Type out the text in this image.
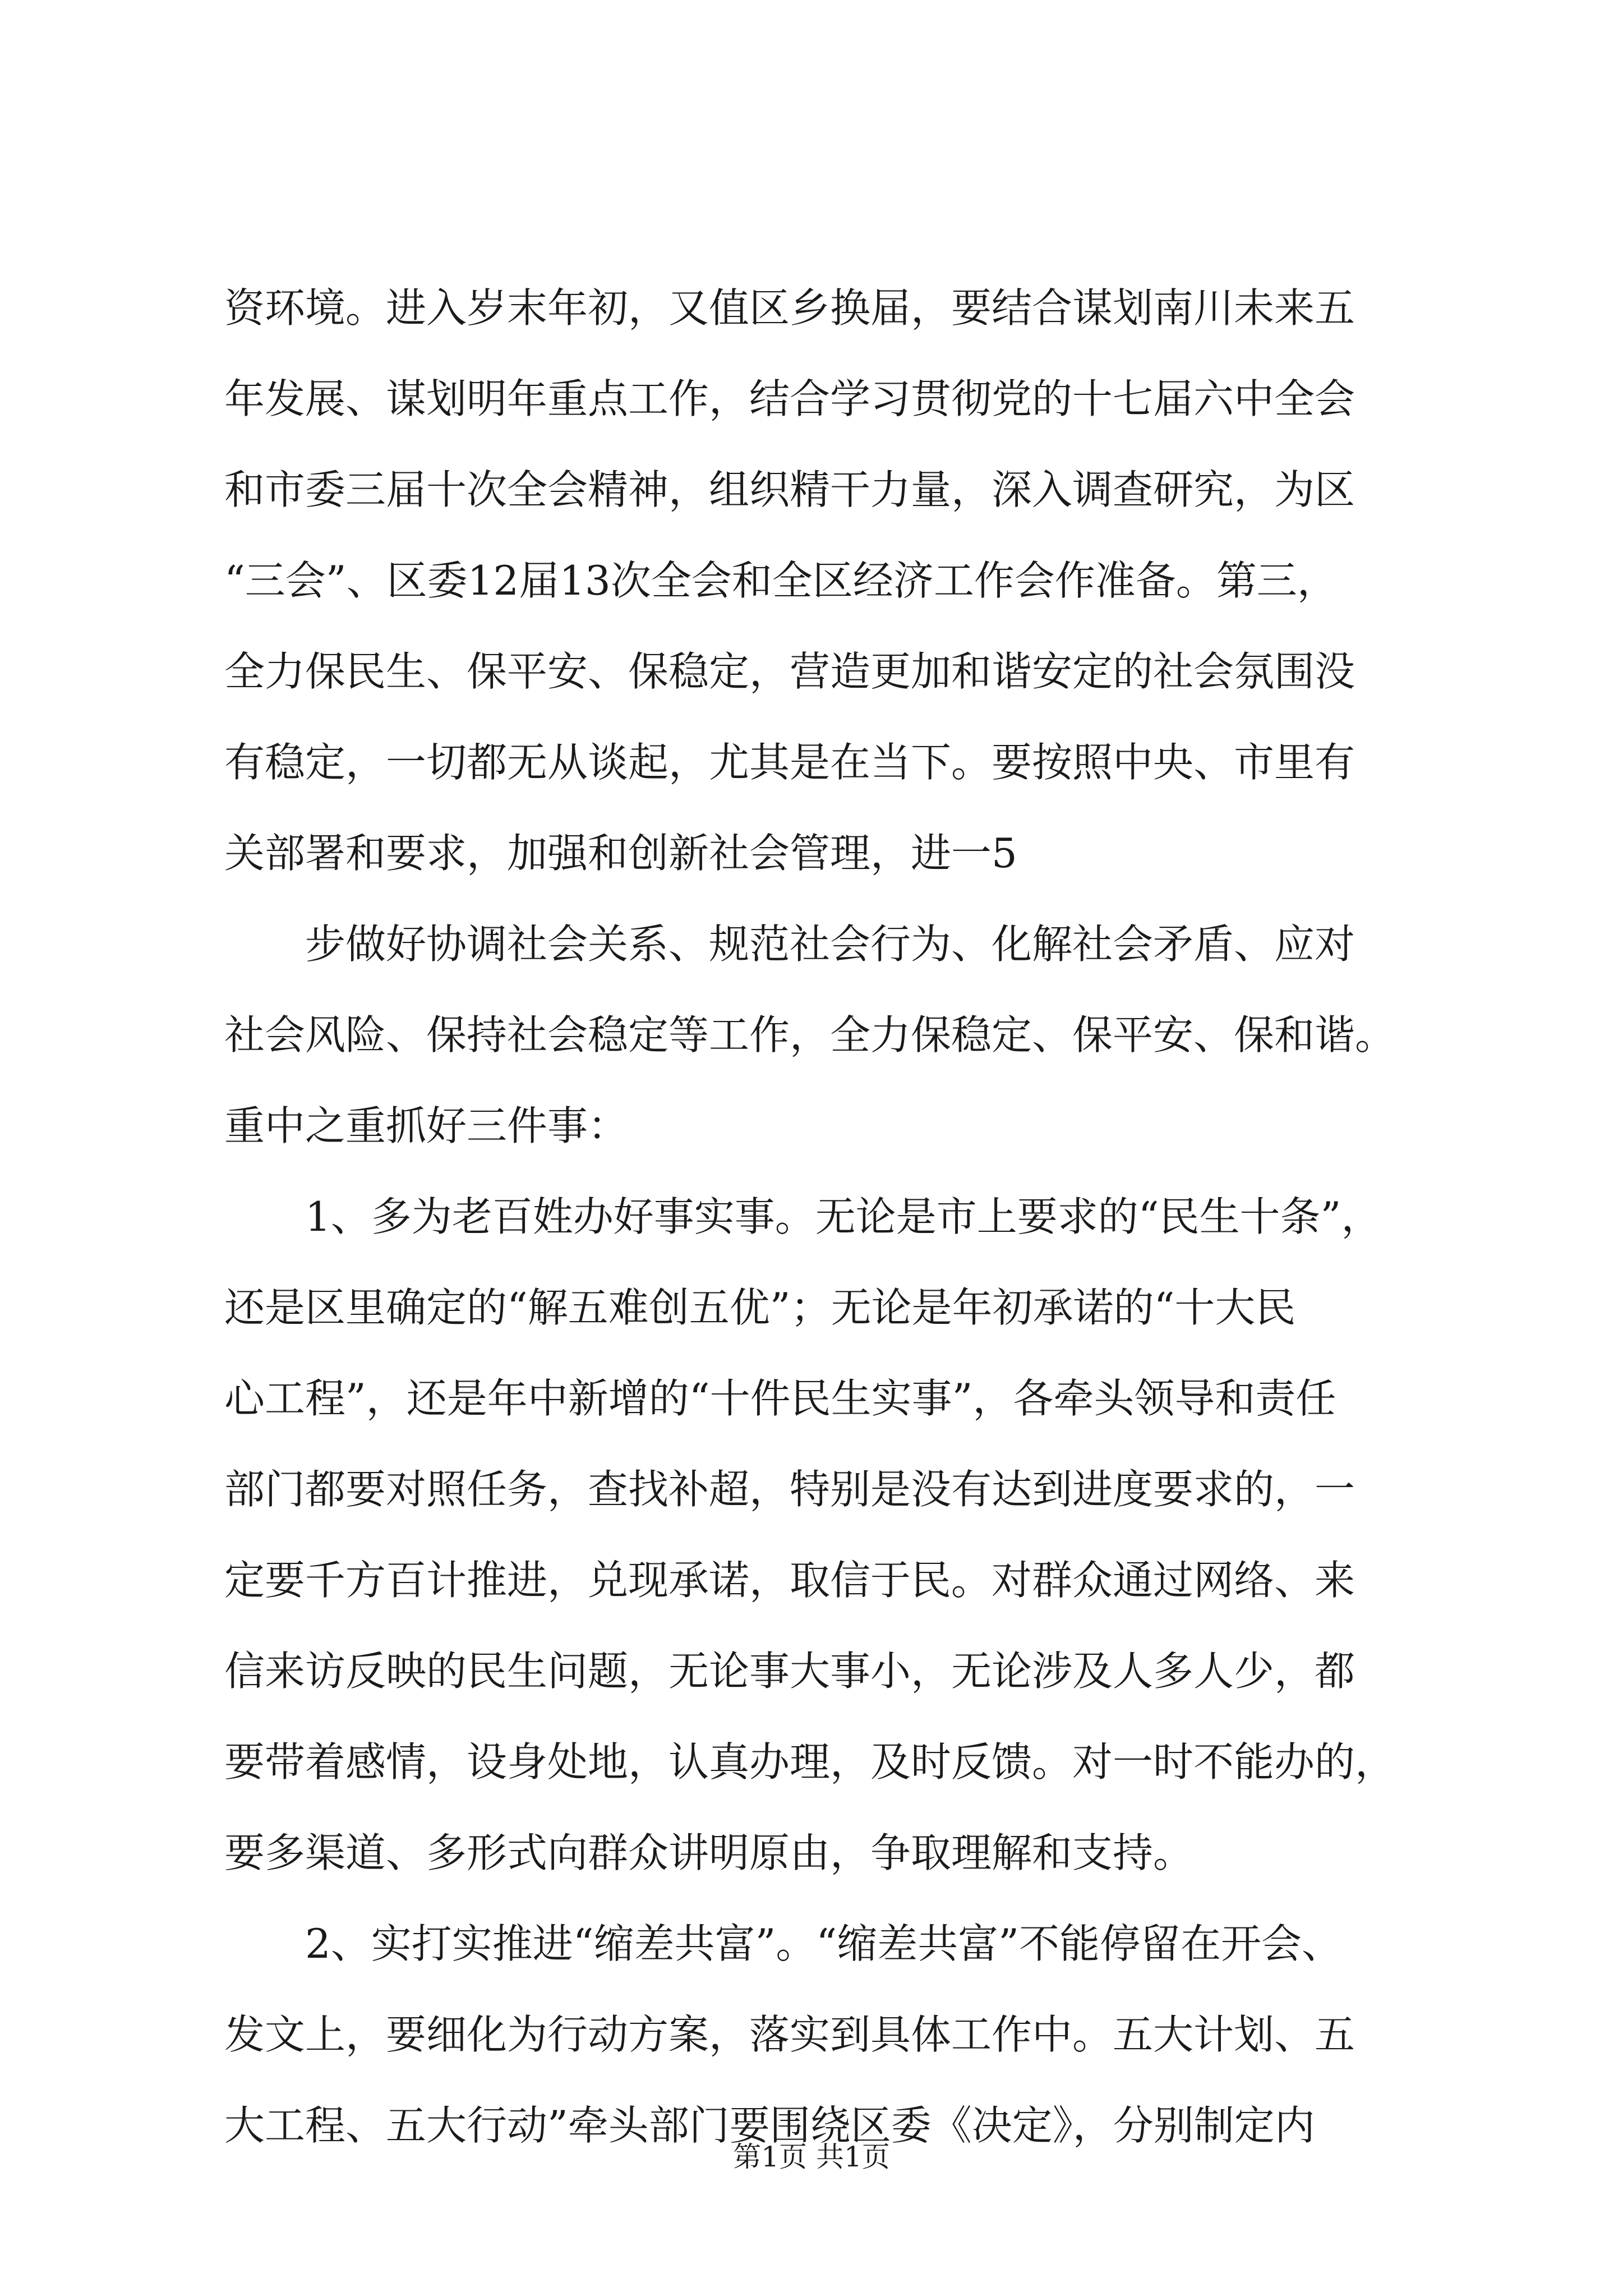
资环境。进入岁末年初，又值区乡换届，要结合谋划南川未来五
年发展、谋划明年重点工作，结合学习贯彻党的十七届六中全会
和市委三届十次全会精神，组织精干力量，深入调查研究，为区
“三会”、区委12届13次全会和全区经济工作会作准备。第三，
全力保民生、保平安、保稳定，营造更加和谐安定的社会氛围没
有稳定，一切都无从谈起，尤其是在当下。要按照中央、市里有
关部署和要求，加强和创新社会管理，进一5
步做好协调社会关系、规范社会行为、化解社会矛盾、应对
社会风险、保持社会稳定等工作，全力保稳定、保平安、保和谐。
重中之重抓好三件事：
1、多为老百姓办好事实事。无论是市上要求的“民生十条”，
还是区里确定的“解五难创五优”；无论是年初承诺的“十大民
心工程”，还是年中新增的“十件民生实事”，各牵头领导和责任
部门都要对照任务，查找补超，特别是没有达到进度要求的，一
定要千方百计推进，兑现承诺，取信于民。对群众通过网络、来
信来访反映的民生问题，无论事大事小，无论涉及人多人少，都
要带着感情，设身处地，认真办理，及时反馈。对一时不能办的，
要多渠道、多形式向群众讲明原由，争取理解和支持。
2、实打实推进“缩差共富”。“缩差共富”不能停留在开会、
发文上，要细化为行动方案，落实到具体工作中。五大计划、五
大工程、五大行动”牵头部门要围绕区委《决定》，分别制定内
第1页 共1页
